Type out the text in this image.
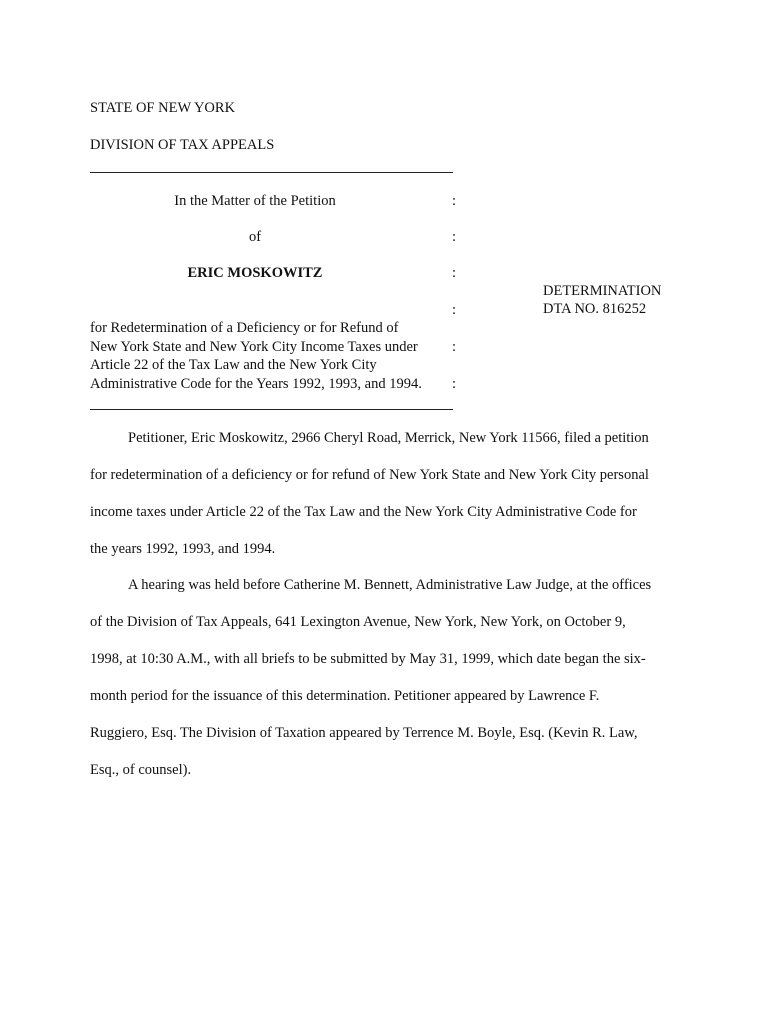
STATE OF NEW YORK
DIVISION OF TAX APPEALS
In the Matter of the Petition	:
of	:
ERIC MOSKOWITZ	:
:
for Redetermination of a Deficiency or for Refund of
New York State and New York City Income Taxes under
Article 22 of the Tax Law and the New York City
Administrative Code for the Years 1992, 1993, and 1994.
:
:
DETERMINATION
DTA NO. 816252
Petitioner, Eric Moskowitz, 2966 Cheryl Road, Merrick, New York 11566, filed a petition
for redetermination of a deficiency or for refund of New York State and New York City personal
income taxes under Article 22 of the Tax Law and the New York City Administrative Code for
the years 1992, 1993, and 1994.
A hearing was held before Catherine M. Bennett, Administrative Law Judge, at the offices
of the Division of Tax Appeals, 641 Lexington Avenue, New York, New York, on October 9,
1998, at 10:30 A.M., with all briefs to be submitted by May 31, 1999, which date began the six-
month period for the issuance of this determination. Petitioner appeared by Lawrence F.
Ruggiero, Esq. The Division of Taxation appeared by Terrence M. Boyle, Esq. (Kevin R. Law,
Esq., of counsel).
